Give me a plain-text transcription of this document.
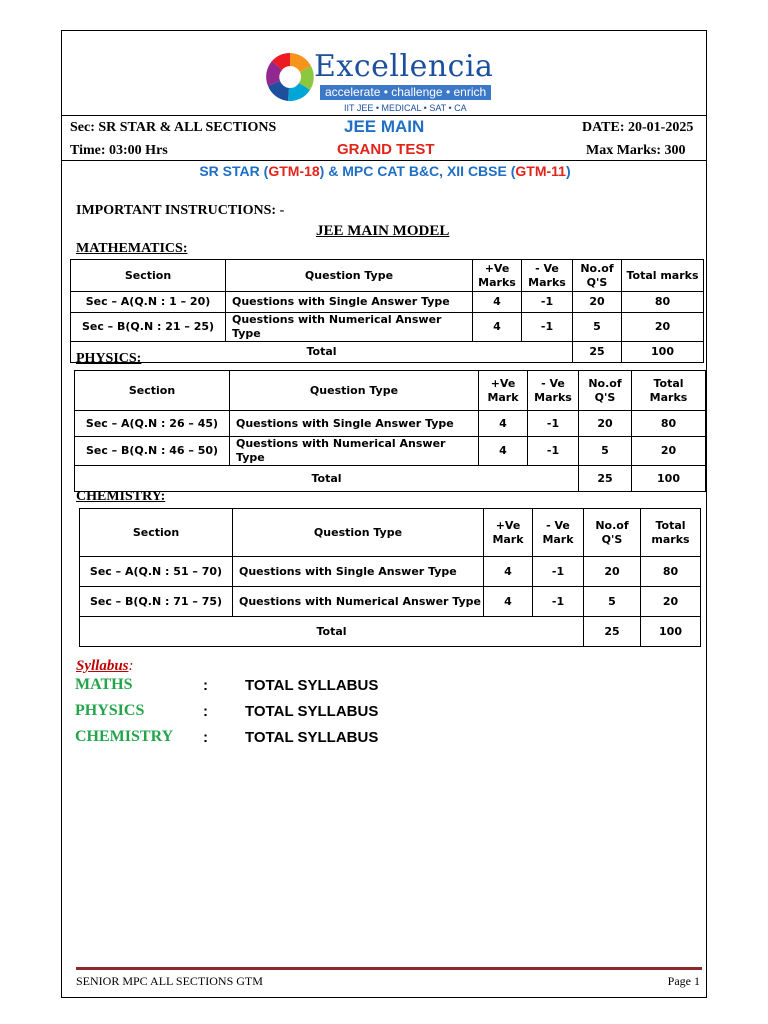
Excellencia
accelerate • challenge • enrich
IIT JEE • MEDICAL • SAT • CA
Sec: SR STAR & ALL SECTIONS
Time: 03:00 Hrs
JEE MAIN
GRAND TEST
DATE: 20-01-2025
Max Marks: 300
SR STAR (GTM-18) & MPC CAT B&C, XII CBSE (GTM-11)
IMPORTANT INSTRUCTIONS: -
JEE MAIN MODEL
MATHEMATICS:
Section	Question Type	+Ve Marks	- Ve Marks	No.of Q'S	Total marks
Sec – A(Q.N : 1 – 20)	Questions with Single Answer Type	4	-1	20	80
Sec – B(Q.N : 21 – 25)	Questions with Numerical Answer Type	4	-1	5	20
Total				25	100
PHYSICS:
Section	Question Type	+Ve Mark	- Ve Marks	No.of Q'S	Total Marks
Sec – A(Q.N : 26 – 45)	Questions with Single Answer Type	4	-1	20	80
Sec – B(Q.N : 46 – 50)	Questions with Numerical Answer Type	4	-1	5	20
Total				25	100
CHEMISTRY:
Section	Question Type	+Ve Mark	- Ve Mark	No.of Q'S	Total marks
Sec – A(Q.N : 51 – 70)	Questions with Single Answer Type	4	-1	20	80
Sec – B(Q.N : 71 – 75)	Questions with Numerical Answer Type	4	-1	5	20
Total				25	100
Syllabus:
MATHS	: TOTAL SYLLABUS
PHYSICS	: TOTAL SYLLABUS
CHEMISTRY : TOTAL SYLLABUS
SENIOR MPC ALL SECTIONS GTM	Page 1
